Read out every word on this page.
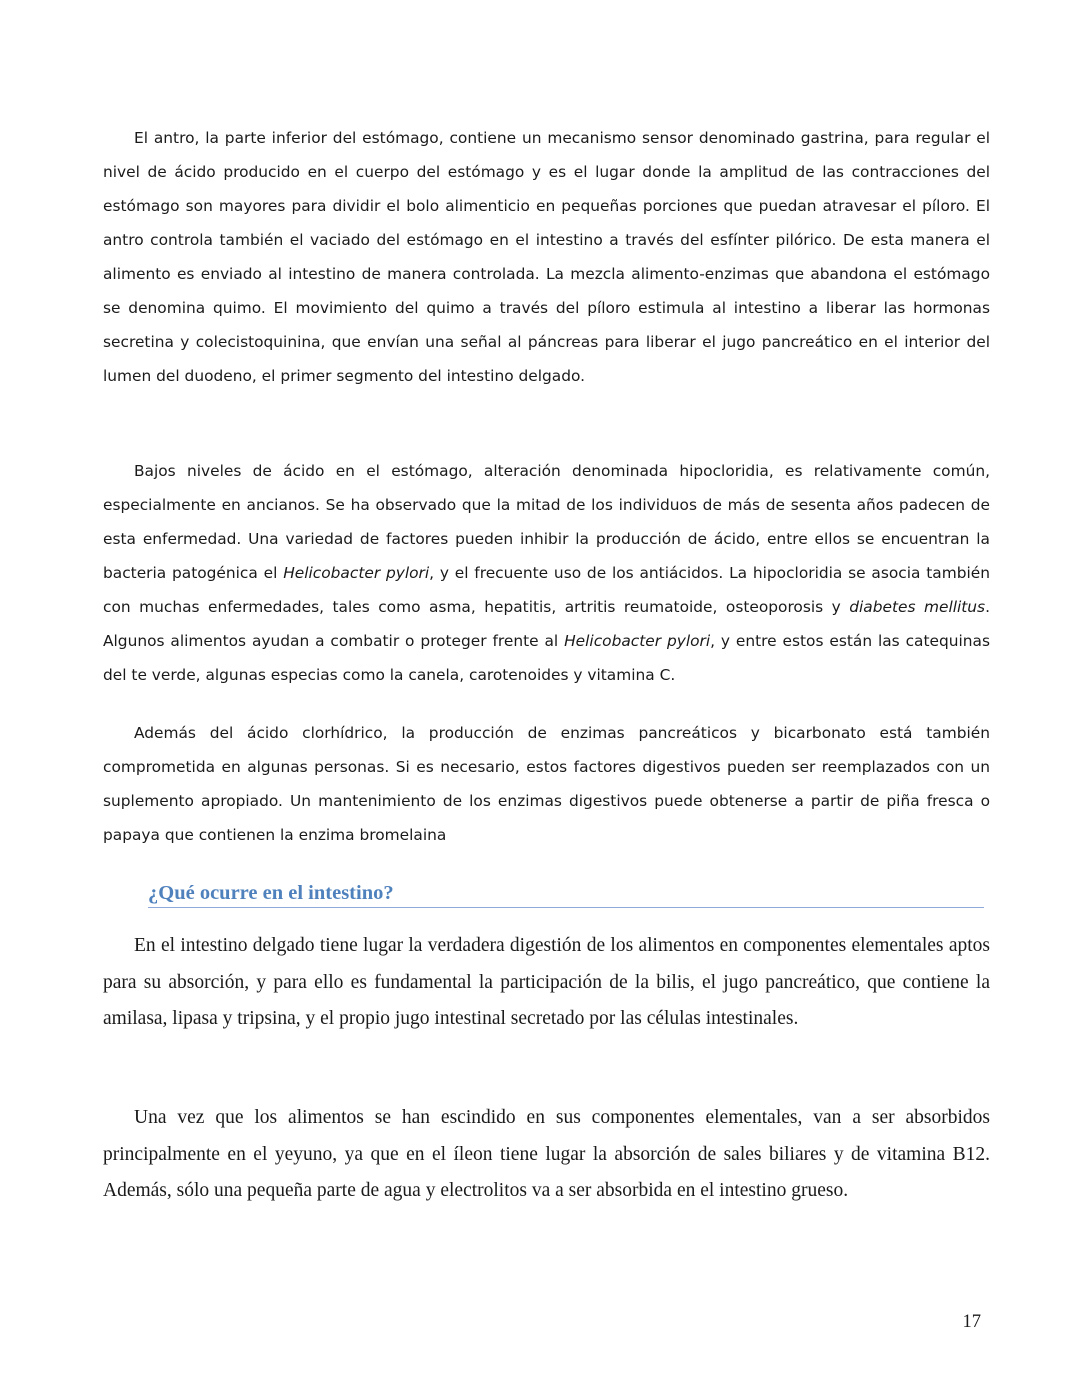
El antro, la parte inferior del estómago, contiene un mecanismo sensor denominado gastrina, para regular el nivel de ácido producido en el cuerpo del estómago y es el lugar donde la amplitud de las contracciones del estómago son mayores para dividir el bolo alimenticio en pequeñas porciones que puedan atravesar el píloro. El antro controla también el vaciado del estómago en el intestino a través del esfínter pilórico. De esta manera el alimento es enviado al intestino de manera controlada. La mezcla alimento-enzimas que abandona el estómago se denomina quimo. El movimiento del quimo a través del píloro estimula al intestino a liberar las hormonas secretina y colecistoquinina, que envían una señal al páncreas para liberar el jugo pancreático en el interior del lumen del duodeno, el primer segmento del intestino delgado.

Bajos niveles de ácido en el estómago, alteración denominada hipocloridia, es relativamente común, especialmente en ancianos. Se ha observado que la mitad de los individuos de más de sesenta años padecen de esta enfermedad. Una variedad de factores pueden inhibir la producción de ácido, entre ellos se encuentran la bacteria patogénica el Helicobacter pylori, y el frecuente uso de los antiácidos. La hipocloridia se asocia también con muchas enfermedades, tales como asma, hepatitis, artritis reumatoide, osteoporosis y diabetes mellitus. Algunos alimentos ayudan a combatir o proteger frente al Helicobacter pylori, y entre estos están las catequinas del te verde, algunas especias como la canela, carotenoides y vitamina C.

Además del ácido clorhídrico, la producción de enzimas pancreáticos y bicarbonato está también comprometida en algunas personas. Si es necesario, estos factores digestivos pueden ser reemplazados con un suplemento apropiado. Un mantenimiento de los enzimas digestivos puede obtenerse a partir de piña fresca o papaya que contienen la enzima bromelaina

¿Qué ocurre en el intestino?

En el intestino delgado tiene lugar la verdadera digestión de los alimentos en componentes elementales aptos para su absorción, y para ello es fundamental la participación de la bilis, el jugo pancreático, que contiene la amilasa, lipasa y tripsina, y el propio jugo intestinal secretado por las células intestinales.

Una vez que los alimentos se han escindido en sus componentes elementales, van a ser absorbidos principalmente en el yeyuno, ya que en el íleon tiene lugar la absorción de sales biliares y de vitamina B12. Además, sólo una pequeña parte de agua y electrolitos va a ser absorbida en el intestino grueso.

17
